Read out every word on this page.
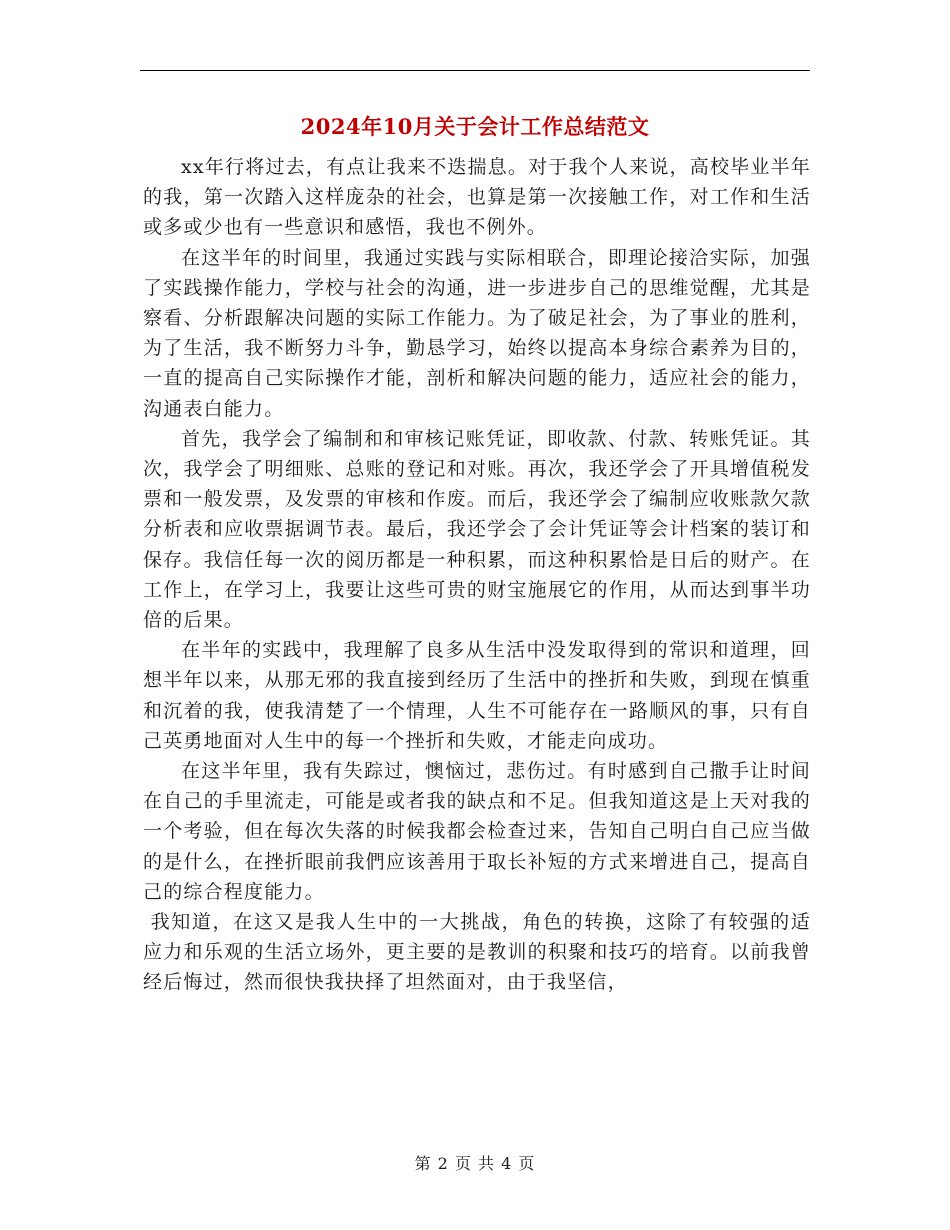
2024年10月关于会计工作总结范文

xx年行将过去，有点让我来不迭揣息。对于我个人来说，高校毕业半年的我，第一次踏入这样庞杂的社会，也算是第一次接触工作，对工作和生活或多或少也有一些意识和感悟，我也不例外。

在这半年的时间里，我通过实践与实际相联合，即理论接洽实际，加强了实践操作能力，学校与社会的沟通，进一步进步自己的思维觉醒，尤其是察看、分析跟解决问题的实际工作能力。为了破足社会，为了事业的胜利，为了生活，我不断努力斗争，勤恳学习，始终以提高本身综合素养为目的，一直的提高自己实际操作才能，剖析和解决问题的能力，适应社会的能力，沟通表白能力。

首先，我学会了编制和和审核记账凭证，即收款、付款、转账凭证。其次，我学会了明细账、总账的登记和对账。再次，我还学会了开具增值税发票和一般发票，及发票的审核和作废。而后，我还学会了编制应收账款欠款分析表和应收票据调节表。最后，我还学会了会计凭证等会计档案的装订和保存。我信任每一次的阅历都是一种积累，而这种积累恰是日后的财产。在工作上，在学习上，我要让这些可贵的财宝施展它的作用，从而达到事半功倍的后果。

在半年的实践中，我理解了良多从生活中没发取得到的常识和道理，回想半年以来，从那无邪的我直接到经历了生活中的挫折和失败，到现在慎重和沉着的我，使我清楚了一个情理，人生不可能存在一路顺风的事，只有自己英勇地面对人生中的每一个挫折和失败，才能走向成功。

在这半年里，我有失踪过，懊恼过，悲伤过。有时感到自己撒手让时间在自己的手里流走，可能是或者我的缺点和不足。但我知道这是上天对我的一个考验，但在每次失落的时候我都会检查过来，告知自己明白自己应当做的是什么，在挫折眼前我們应该善用于取长补短的方式来增进自己，提高自己的综合程度能力。

我知道，在这又是我人生中的一大挑战，角色的转换，这除了有较强的适应力和乐观的生活立场外，更主要的是教训的积聚和技巧的培育。以前我曾经后悔过，然而很快我抉择了坦然面对，由于我坚信，

第 2 页 共 4 页
